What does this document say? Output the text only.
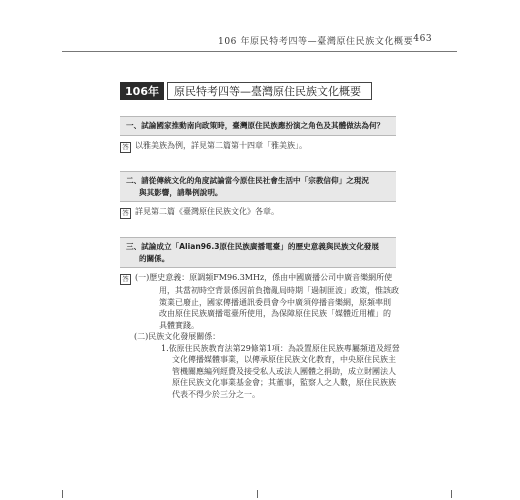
106 年原民特考四等—臺灣原住民族文化概要 463
106年	原民特考四等—臺灣原住民族文化概要
一、試論國家推動南向政策時，臺灣原住民族應扮演之角色及其體做法為何？
答 以雅美族為例，詳見第二篇第十四章「雅美族」。
二、請從傳統文化的角度試論當今原住民社會生活中「宗教信仰」之現況
與其影響，請舉例說明。
答 詳見第二篇《臺灣原住民族文化》各章。
三、試論成立「Alian96.3原住民族廣播電臺」的歷史意義與民族文化發展
的關係。
答 (一)歷史意義：原調頻FM96.3MHz，係由中國廣播公司中廣音樂網所使
用，其當初時空背景係因前負擔亂局時期「過制匪波」政策，惟該政
策業已廢止，國家傳播通訊委員會今中廣須停播音樂網，原頻率則
改由原住民族廣播電臺所使用，為保障原住民族「媒體近用權」的
具體實踐。
(二)民族文化發展關係：
1.依原住民族教育法第29條第1項：為設置原住民族專屬頻道及經營
文化傳播媒體事業，以傳承原住民族文化教育，中央原住民族主
管機關應編列經費及接受私人或法人團體之捐助，成立財團法人
原住民族文化事業基金會；其董事，監察人之人數，原住民族族
代表不得少於三分之一。
